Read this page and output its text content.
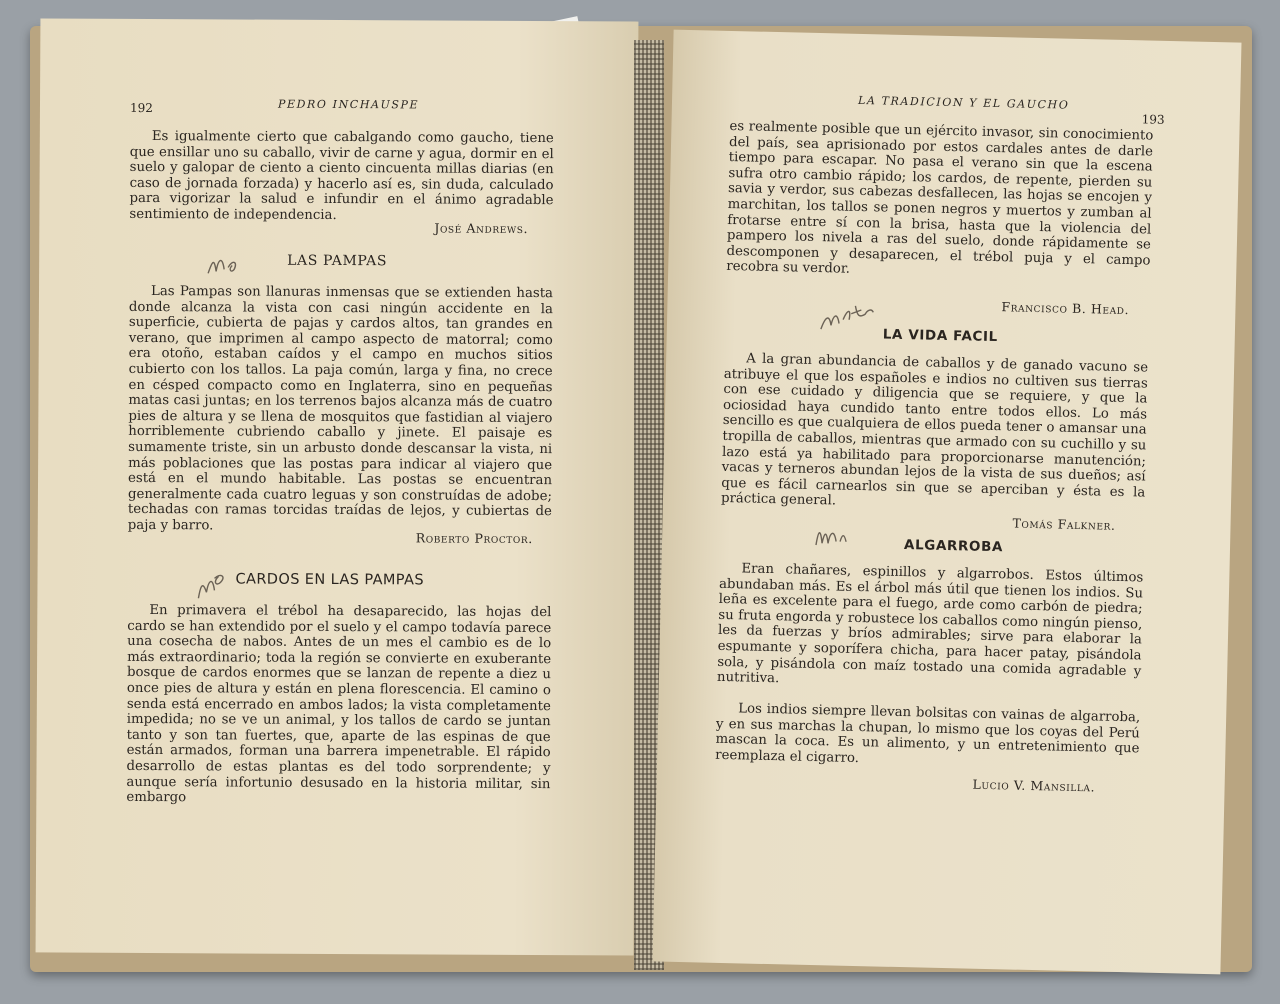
192	PEDRO INCHAUSPE

Es igualmente cierto que cabalgando como gaucho, tiene que ensillar uno su caballo, vivir de carne y agua, dormir en el suelo y galopar de ciento a ciento cincuenta millas diarias (en caso de jornada forzada) y hacerlo así es, sin duda, calculado para vigorizar la salud e infundir en el ánimo agradable sentimiento de independencia.

José Andrews.
LAS PAMPAS

Las Pampas son llanuras inmensas que se extienden hasta donde alcanza la vista con casi ningún accidente en la superficie, cubierta de pajas y cardos altos, tan grandes en verano, que imprimen al campo aspecto de matorral; como era otoño, estaban caídos y el campo en muchos sitios cubierto con los tallos. La paja común, larga y fina, no crece en césped compacto como en Inglaterra, sino en pequeñas matas casi juntas; en los terrenos bajos alcanza más de cuatro pies de altura y se llena de mosquitos que fastidian al viajero horriblemente cubriendo caballo y jinete. El paisaje es sumamente triste, sin un arbusto donde descansar la vista, ni más poblaciones que las postas para indicar al viajero que está en el mundo habitable. Las postas se encuentran generalmente cada cuatro leguas y son construídas de adobe; techadas con ramas torcidas traídas de lejos, y cubiertas de paja y barro.

Roberto Proctor.
CARDOS EN LAS PAMPAS

En primavera el trébol ha desaparecido, las hojas del cardo se han extendido por el suelo y el campo todavía parece una cosecha de nabos. Antes de un mes el cambio es de lo más extraordinario; toda la región se convierte en exuberante bosque de cardos enormes que se lanzan de repente a diez u once pies de altura y están en plena florescencia. El camino o senda está encerrado en ambos lados; la vista completamente impedida; no se ve un animal, y los tallos de cardo se juntan tanto y son tan fuertes, que, aparte de las espinas de que están armados, forman una barrera impenetrable. El rápido desarrollo de estas plantas es del todo sorprendente; y aunque sería infortunio desusado en la historia militar, sin embargo

LA TRADICION Y EL GAUCHO
193

es realmente posible que un ejército invasor, sin conocimiento del país, sea aprisionado por estos cardales antes de darle tiempo para escapar. No pasa el verano sin que la escena sufra otro cambio rápido; los cardos, de repente, pierden su savia y verdor, sus cabezas desfallecen, las hojas se encojen y marchitan, los tallos se ponen negros y muertos y zumban al frotarse entre sí con la brisa, hasta que la violencia del pampero los nivela a ras del suelo, donde rápidamente se descomponen y desaparecen, el trébol puja y el campo recobra su verdor.

Francisco B. Head.
LA VIDA FACIL

A la gran abundancia de caballos y de ganado vacuno se atribuye el que los españoles e indios no cultiven sus tierras con ese cuidado y diligencia que se requiere, y que la ociosidad haya cundido tanto entre todos ellos. Lo más sencillo es que cualquiera de ellos pueda tener o amansar una tropilla de caballos, mientras que armado con su cuchillo y su lazo está ya habilitado para proporcionarse manutención; vacas y terneros abundan lejos de la vista de sus dueños; así que es fácil carnearlos sin que se aperciban y ésta es la práctica general.

Tomás Falkner.
ALGARROBA

Eran chañares, espinillos y algarrobos. Estos últimos abundaban más. Es el árbol más útil que tienen los indios. Su leña es excelente para el fuego, arde como carbón de piedra; su fruta engorda y robustece los caballos como ningún pienso, les da fuerzas y bríos admirables; sirve para elaborar la espumante y soporífera chicha, para hacer patay, pisándola sola, y pisándola con maíz tostado una comida agradable y nutritiva.

Los indios siempre llevan bolsitas con vainas de algarroba, y en sus marchas la chupan, lo mismo que los coyas del Perú mascan la coca. Es un alimento, y un entretenimiento que reemplaza el cigarro.

Lucio V. Mansilla.
